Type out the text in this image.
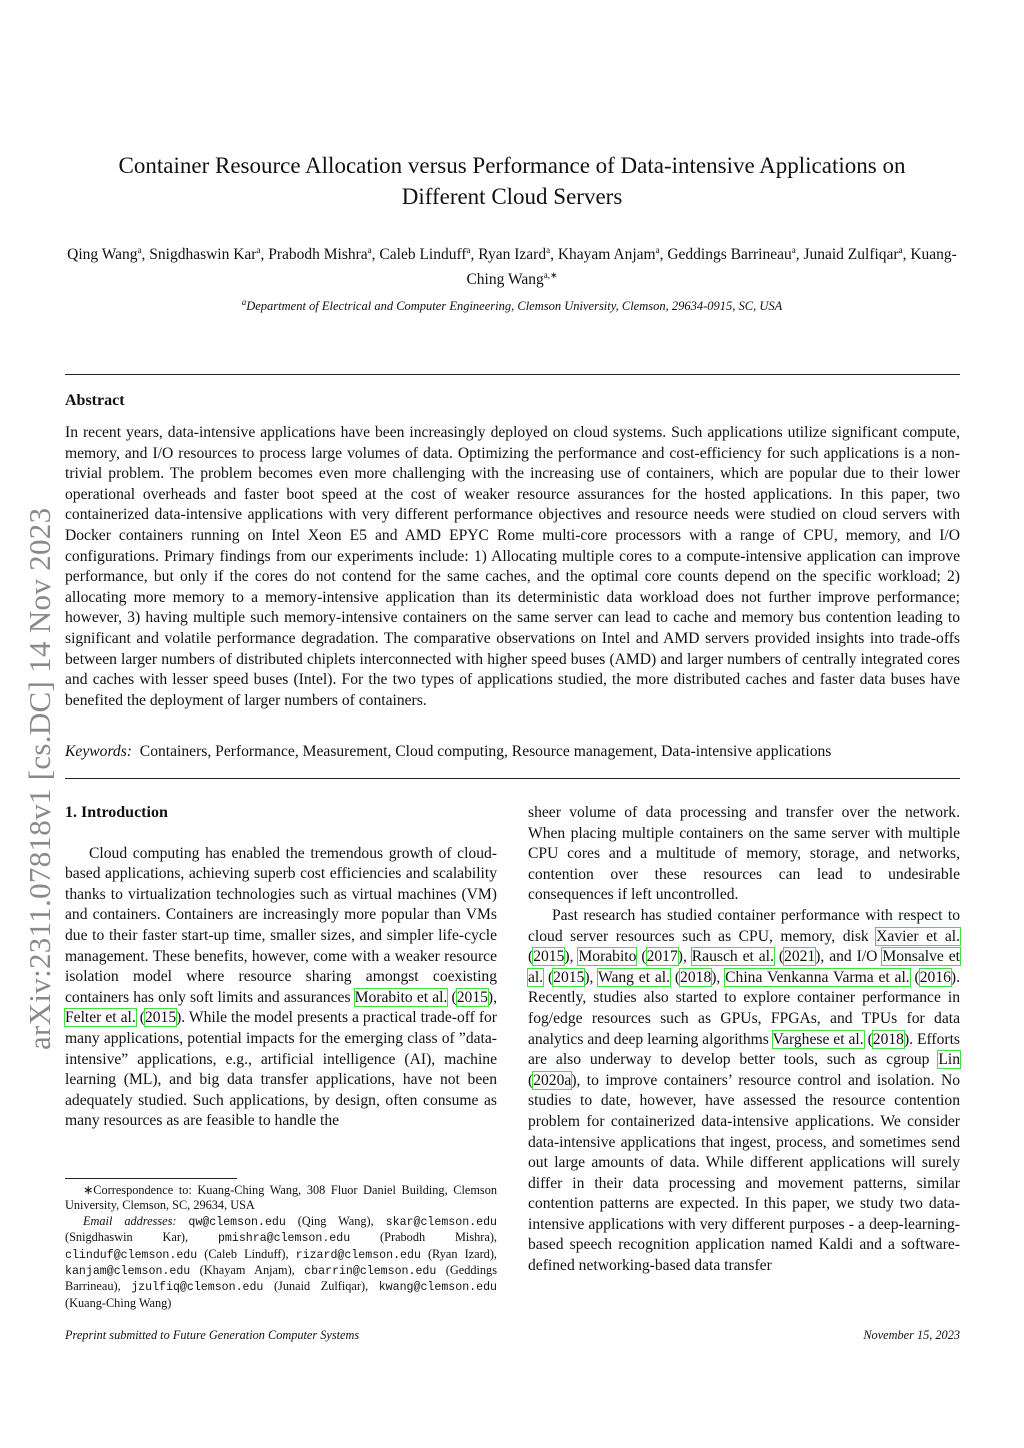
arXiv:2311.07818v1 [cs.DC] 14 Nov 2023
Container Resource Allocation versus Performance of Data-intensive Applications on
Different Cloud Servers
Qing Wang$^a$, Snigdhaswin Kar$^a$, Prabodh Mishra$^a$, Caleb Linduff$^a$, Ryan Izard$^a$, Khayam Anjam$^a$, Geddings Barrineau$^a$, Junaid Zulfiqar$^a$, Kuang-Ching Wang$^{a,∗}$
$^a$Department of Electrical and Computer Engineering, Clemson University, Clemson, 29634-0915, SC, USA
Abstract

In recent years, data-intensive applications have been increasingly deployed on cloud systems. Such applications utilize significant compute, memory, and I/O resources to process large volumes of data. Optimizing the performance and cost-efficiency for such applications is a non-trivial problem. The problem becomes even more challenging with the increasing use of containers, which are popular due to their lower operational overheads and faster boot speed at the cost of weaker resource assurances for the hosted applications. In this paper, two containerized data-intensive applications with very different performance objectives and resource needs were studied on cloud servers with Docker containers running on Intel Xeon E5 and AMD EPYC Rome multi-core processors with a range of CPU, memory, and I/O configurations. Primary findings from our experiments include: 1) Allocating multiple cores to a compute-intensive application can improve performance, but only if the cores do not contend for the same caches, and the optimal core counts depend on the specific workload; 2) allocating more memory to a memory-intensive application than its deterministic data workload does not further improve performance; however, 3) having multiple such memory-intensive containers on the same server can lead to cache and memory bus contention leading to significant and volatile performance degradation. The comparative observations on Intel and AMD servers provided insights into trade-offs between larger numbers of distributed chiplets interconnected with higher speed buses (AMD) and larger numbers of centrally integrated cores and caches with lesser speed buses (Intel). For the two types of applications studied, the more distributed caches and faster data buses have benefited the deployment of larger numbers of containers.

Keywords: Containers, Performance, Measurement, Cloud computing, Resource management, Data-intensive applications
1. Introduction

Cloud computing has enabled the tremendous growth of cloud-based applications, achieving superb cost efficiencies and scalability thanks to virtualization technologies such as virtual machines (VM) and containers. Containers are increasingly more popular than VMs due to their faster start-up time, smaller sizes, and simpler life-cycle management. These benefits, however, come with a weaker resource isolation model where resource sharing amongst coexisting containers has only soft limits and assurances Morabito et al. (2015), Felter et al. (2015). While the model presents a practical trade-off for many applications, potential impacts for the emerging class of ”data-intensive” applications, e.g., artificial intelligence (AI), machine learning (ML), and big data transfer applications, have not been adequately studied. Such applications, by design, often consume as many resources as are feasible to handle the

sheer volume of data processing and transfer over the network. When placing multiple containers on the same server with multiple CPU cores and a multitude of memory, storage, and networks, contention over these resources can lead to undesirable consequences if left uncontrolled.

Past research has studied container performance with respect to cloud server resources such as CPU, memory, disk Xavier et al. (2015), Morabito (2017), Rausch et al. (2021), and I/O Monsalve et al. (2015), Wang et al. (2018), China Venkanna Varma et al. (2016). Recently, studies also started to explore container performance in fog/edge resources such as GPUs, FPGAs, and TPUs for data analytics and deep learning algorithms Varghese et al. (2018). Efforts are also underway to develop better tools, such as cgroup Lin (2020a), to improve containers’ resource control and isolation. No studies to date, however, have assessed the resource contention problem for containerized data-intensive applications. We consider data-intensive applications that ingest, process, and sometimes send out large amounts of data. While different applications will surely differ in their data processing and movement patterns, similar contention patterns are expected. In this paper, we study two data-intensive applications with very different purposes - a deep-learning-based speech recognition application named Kaldi and a software-defined networking-based data transfer

∗Correspondence to: Kuang-Ching Wang, 308 Fluor Daniel Building, Clemson University, Clemson, SC, 29634, USA

Email addresses: qw@clemson.edu (Qing Wang), skar@clemson.edu (Snigdhaswin Kar), pmishra@clemson.edu (Prabodh Mishra), clinduf@clemson.edu (Caleb Linduff), rizard@clemson.edu (Ryan Izard), kanjam@clemson.edu (Khayam Anjam), cbarrin@clemson.edu (Geddings Barrineau), jzulfiq@clemson.edu (Junaid Zulfiqar), kwang@clemson.edu (Kuang-Ching Wang)

Preprint submitted to Future Generation Computer Systems	November 15, 2023
